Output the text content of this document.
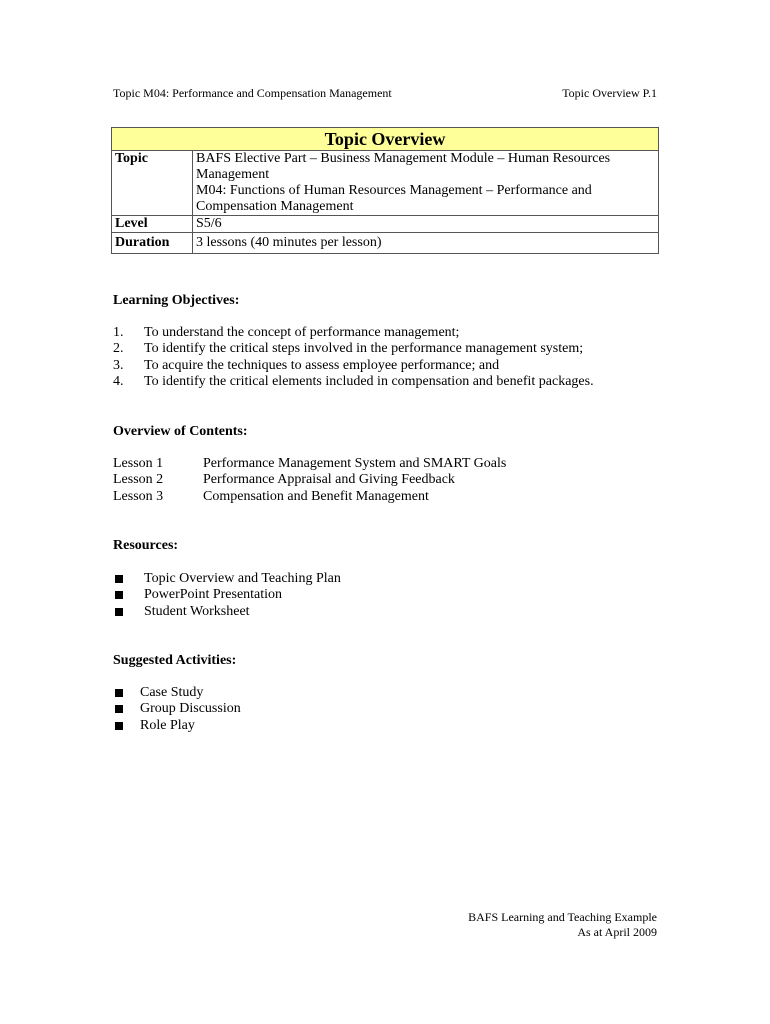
Topic M04: Performance and Compensation Management	Topic Overview P.1
Topic Overview	
Topic	BAFS Elective Part – Business Management Module – Human Resources
Management
M04: Functions of Human Resources Management – Performance and
Compensation Management

Level	S5/6
Duration	3 lessons (40 minutes per lesson)
Learning Objectives:
1.	To understand the concept of performance management;
2.	To identify the critical steps involved in the performance management system;
3.	To acquire the techniques to assess employee performance; and
4.	To identify the critical elements included in compensation and benefit packages.
Overview of Contents:
Lesson 1	Performance Management System and SMART Goals
Lesson 2	Performance Appraisal and Giving Feedback
Lesson 3	Compensation and Benefit Management
Resources:
Topic Overview and Teaching Plan
PowerPoint Presentation
Student Worksheet
Suggested Activities:
Case Study
Group Discussion
Role Play
BAFS Learning and Teaching Example
As at April 2009
